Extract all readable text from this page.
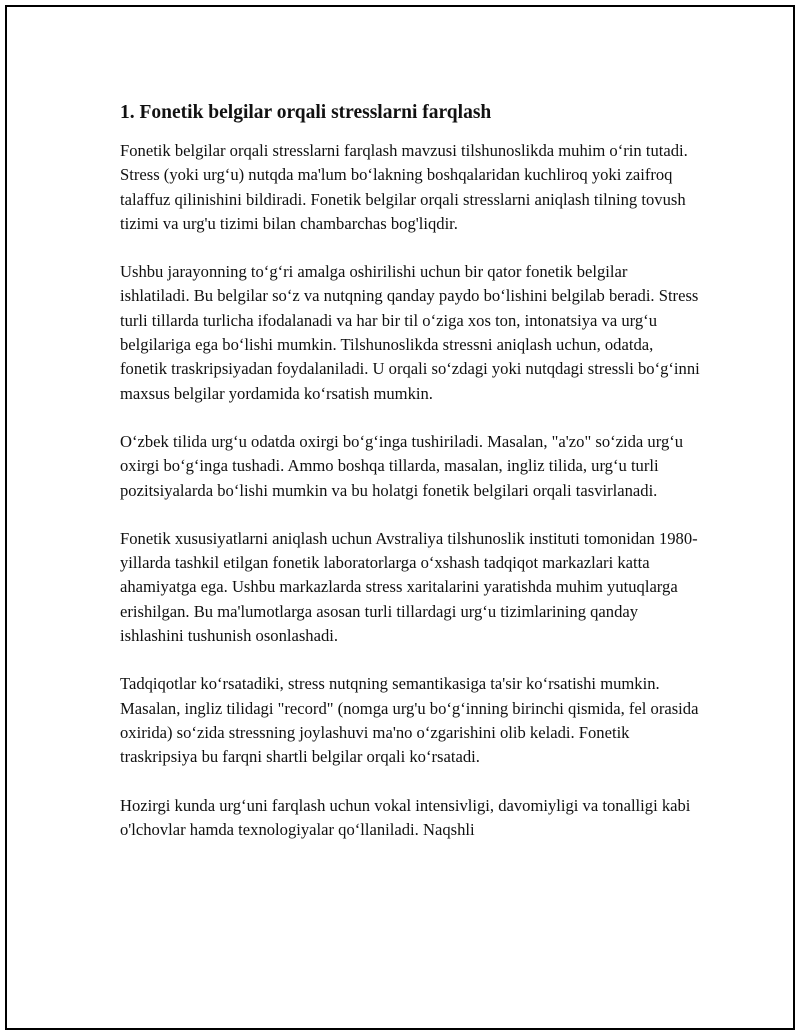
1. Fonetik belgilar orqali stresslarni farqlash

Fonetik belgilar orqali stresslarni farqlash mavzusi tilshunoslikda muhim o‘rin tutadi. Stress (yoki urg‘u) nutqda ma'lum bo‘lakning boshqalaridan kuchliroq yoki zaifroq talaffuz qilinishini bildiradi. Fonetik belgilar orqali stresslarni aniqlash tilning tovush tizimi va urg'u tizimi bilan chambarchas bog'liqdir.

Ushbu jarayonning to‘g‘ri amalga oshirilishi uchun bir qator fonetik belgilar ishlatiladi. Bu belgilar so‘z va nutqning qanday paydo bo‘lishini belgilab beradi. Stress turli tillarda turlicha ifodalanadi va har bir til o‘ziga xos ton, intonatsiya va urg‘u belgilariga ega bo‘lishi mumkin. Tilshunoslikda stressni aniqlash uchun, odatda, fonetik traskripsiyadan foydalaniladi. U orqali so‘zdagi yoki nutqdagi stressli bo‘g‘inni maxsus belgilar yordamida ko‘rsatish mumkin.

O‘zbek tilida urg‘u odatda oxirgi bo‘g‘inga tushiriladi. Masalan, "a'zo" so‘zida urg‘u oxirgi bo‘g‘inga tushadi. Ammo boshqa tillarda, masalan, ingliz tilida, urg‘u turli pozitsiyalarda bo‘lishi mumkin va bu holatgi fonetik belgilari orqali tasvirlanadi.

Fonetik xususiyatlarni aniqlash uchun Avstraliya tilshunoslik instituti tomonidan 1980-yillarda tashkil etilgan fonetik laboratorlarga o‘xshash tadqiqot markazlari katta ahamiyatga ega. Ushbu markazlarda stress xaritalarini yaratishda muhim yutuqlarga erishilgan. Bu ma'lumotlarga asosan turli tillardagi urg‘u tizimlarining qanday ishlashini tushunish osonlashadi.

Tadqiqotlar ko‘rsatadiki, stress nutqning semantikasiga ta'sir ko‘rsatishi mumkin. Masalan, ingliz tilidagi "record" (nomga urg'u bo‘g‘inning birinchi qismida, fel orasida oxirida) so‘zida stressning joylashuvi ma'no o‘zgarishini olib keladi. Fonetik traskripsiya bu farqni shartli belgilar orqali ko‘rsatadi.

Hozirgi kunda urg‘uni farqlash uchun vokal intensivligi, davomiyligi va tonalligi kabi o'lchovlar hamda texnologiyalar qo‘llaniladi. Naqshli
